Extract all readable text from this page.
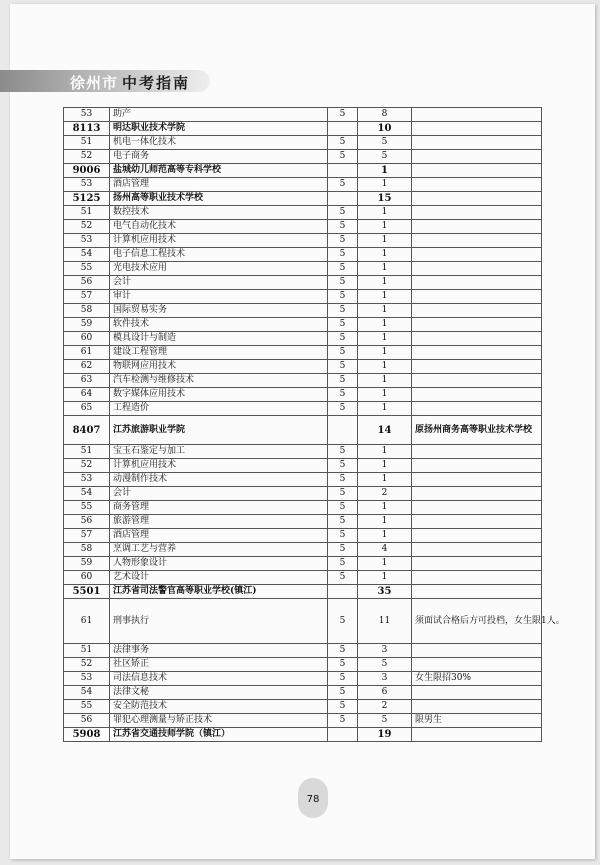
徐州市 中考指南
53	助产	5	8	
8113	明达职业技术学院		10	
51	机电一体化技术	5	5	
52	电子商务	5	5	
9006	盐城幼儿师范高等专科学校		1	
53	酒店管理	5	1	
5125	扬州高等职业技术学校		15	
51	数控技术	5	1	
52	电气自动化技术	5	1	
53	计算机应用技术	5	1	
54	电子信息工程技术	5	1	
55	光电技术应用	5	1	
56	会计	5	1	
57	审计	5	1	
58	国际贸易实务	5	1	
59	软件技术	5	1	
60	模具设计与制造	5	1	
61	建设工程管理	5	1	
62	物联网应用技术	5	1	
63	汽车检测与维修技术	5	1	
64	数字媒体应用技术	5	1	
65	工程造价	5	1	
8407	江苏旅游职业学院		14	原扬州商务高等职业技术学校
51	宝玉石鉴定与加工	5	1	
52	计算机应用技术	5	1	
53	动漫制作技术	5	1	
54	会计	5	2	
55	商务管理	5	1	
56	旅游管理	5	1	
57	酒店管理	5	1	
58	烹调工艺与营养	5	4	
59	人物形象设计	5	1	
60	艺术设计	5	1	
5501	江苏省司法警官高等职业学校(镇江)		35	
61	刑事执行	5	11	须面试合格后方可投档，女生限1人。
51	法律事务	5	3	
52	社区矫正	5	5	
53	司法信息技术	5	3	女生限招30%
54	法律文秘	5	6	
55	安全防范技术	5	2	
56	罪犯心理测量与矫正技术	5	5	限男生
5908	江苏省交通技师学院（镇江）		19	
78
